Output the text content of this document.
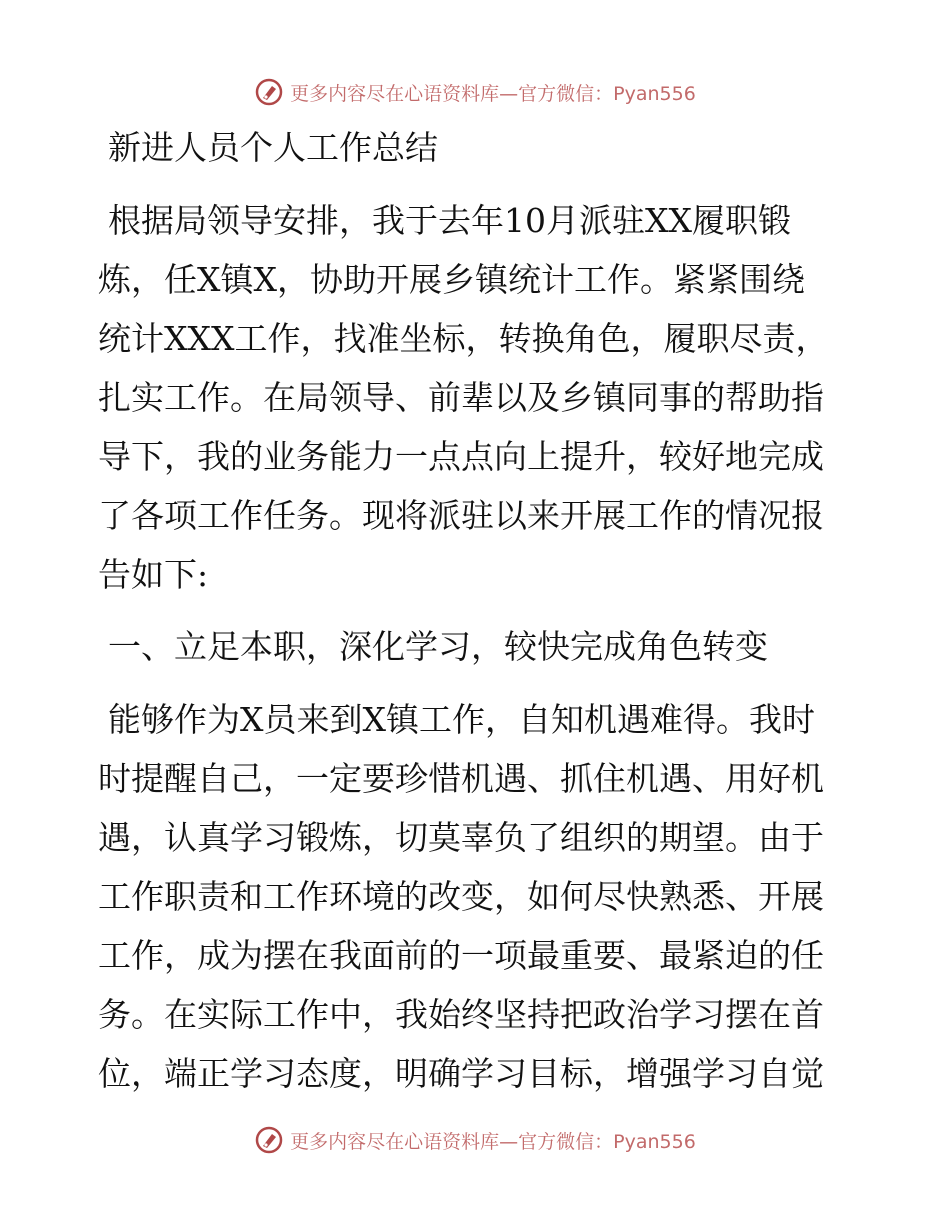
更多内容尽在心语资料库—官方微信：Pyan556
新进人员个人工作总结
根据局领导安排，我于去年10月派驻XX履职锻
炼，任X镇X，协助开展乡镇统计工作。紧紧围绕
统计XXX工作，找准坐标，转换角色，履职尽责，
扎实工作。在局领导、前辈以及乡镇同事的帮助指
导下，我的业务能力一点点向上提升，较好地完成
了各项工作任务。现将派驻以来开展工作的情况报
告如下:
一、立足本职，深化学习，较快完成角色转变
能够作为X员来到X镇工作，自知机遇难得。我时
时提醒自己，一定要珍惜机遇、抓住机遇、用好机
遇，认真学习锻炼，切莫辜负了组织的期望。由于
工作职责和工作环境的改变，如何尽快熟悉、开展
工作，成为摆在我面前的一项最重要、最紧迫的任
务。在实际工作中，我始终坚持把政治学习摆在首
位，端正学习态度，明确学习目标，增强学习自觉
更多内容尽在心语资料库—官方微信：Pyan556
